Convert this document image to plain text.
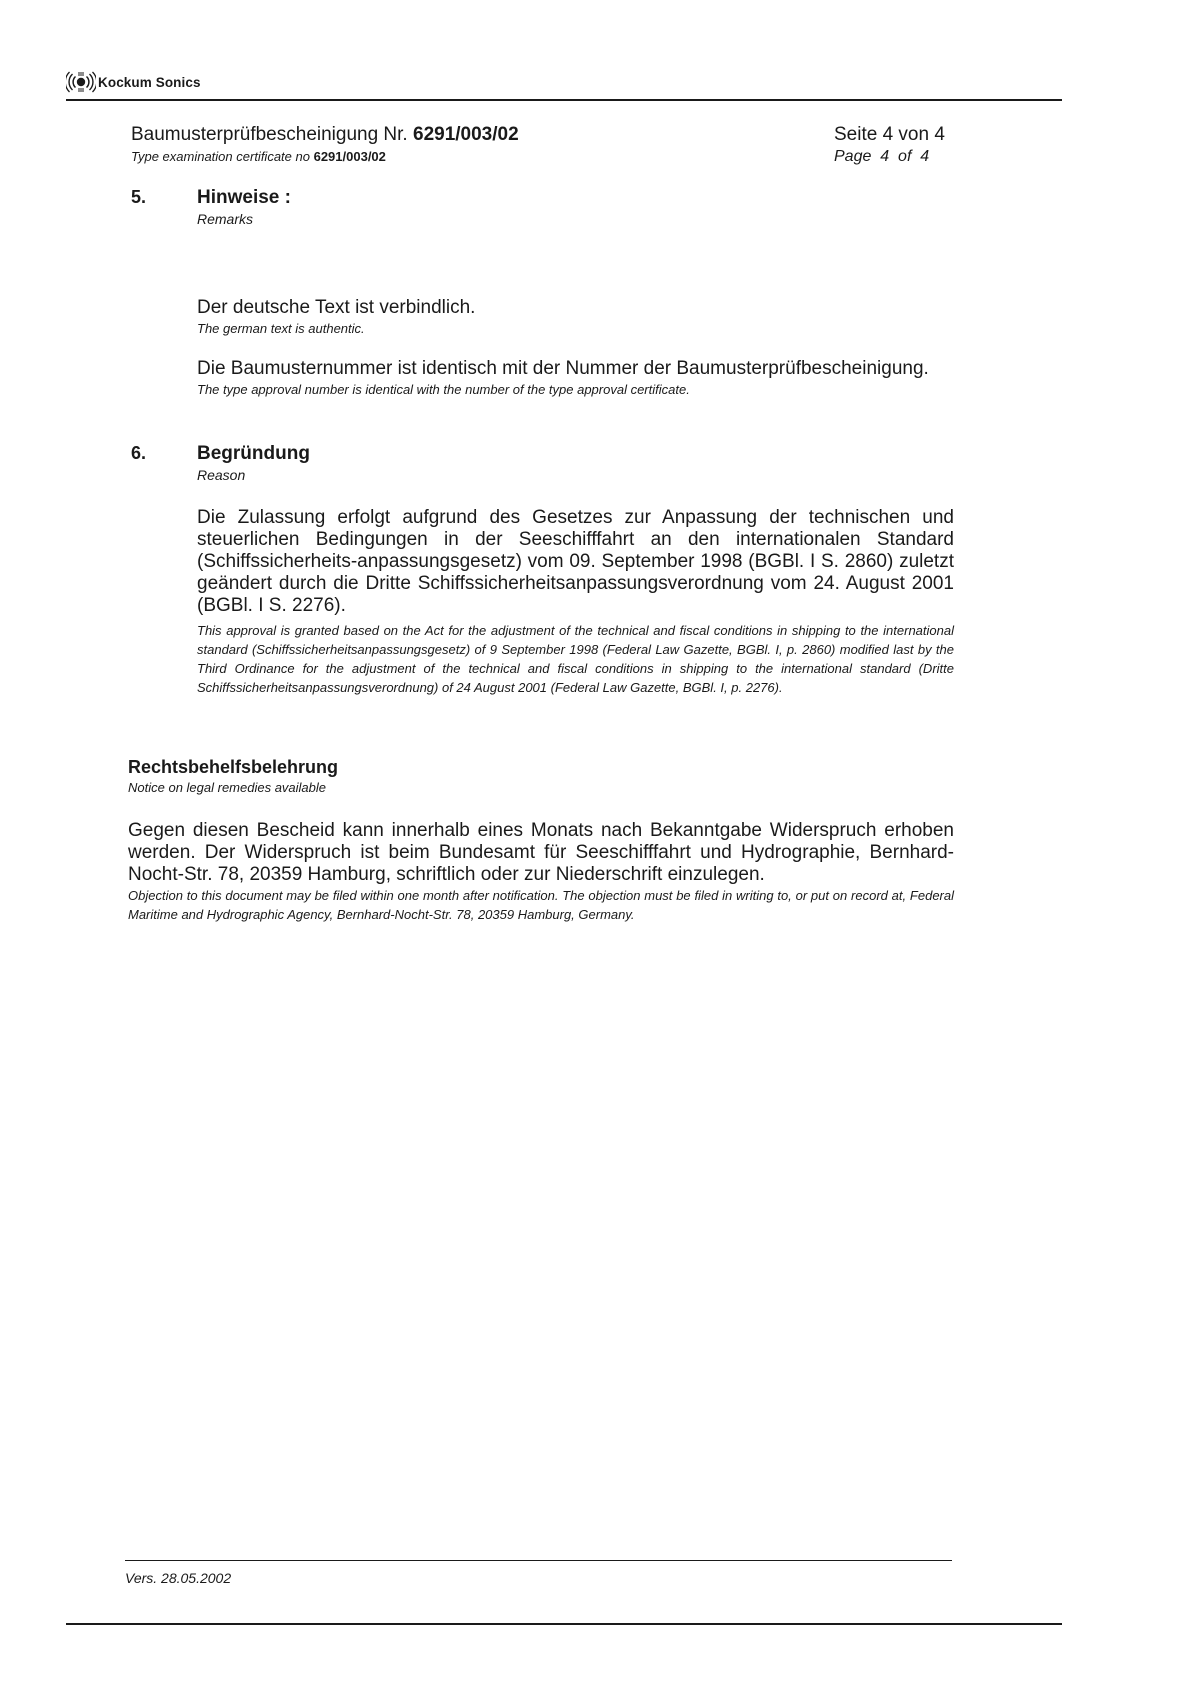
Kockum Sonics
Baumusterprüfbescheinigung Nr. 6291/003/02
Type examination certificate no 6291/003/02
Seite 4 von 4
Page  4  of  4
5.	Hinweise :
Remarks
Der deutsche Text ist verbindlich.
The german text is authentic.
Die Baumusternummer ist identisch mit der Nummer der Baumusterprüfbescheinigung.
The type approval number is identical with the number of the type approval certificate.
6.	Begründung
Reason
Die Zulassung erfolgt aufgrund des Gesetzes zur Anpassung der technischen und steuerlichen Bedingungen in der Seeschifffahrt an den internationalen Standard (Schiffssicherheits-anpassungsgesetz) vom 09. September 1998 (BGBl. I S. 2860) zuletzt geändert durch die Dritte Schiffssicherheitsanpassungsverordnung vom 24. August 2001 (BGBl. I S. 2276).
This approval is granted based on the Act for the adjustment of the technical and fiscal conditions in shipping to the international standard (Schiffssicherheitsanpassungsgesetz) of 9 September 1998 (Federal Law Gazette, BGBl. I, p. 2860) modified last by the Third Ordinance for the adjustment of the technical and fiscal conditions in shipping to the international standard (Dritte Schiffssicherheitsanpassungsverordnung) of 24 August 2001 (Federal Law Gazette, BGBl. I, p. 2276).
Rechtsbehelfsbelehrung
Notice on legal remedies available
Gegen diesen Bescheid kann innerhalb eines Monats nach Bekanntgabe Widerspruch erhoben werden. Der Widerspruch ist beim Bundesamt für Seeschifffahrt und Hydrographie, Bernhard-Nocht-Str. 78, 20359 Hamburg, schriftlich oder zur Niederschrift einzulegen.
Objection to this document may be filed within one month after notification. The objection must be filed in writing to, or put on record at, Federal Maritime and Hydrographic Agency, Bernhard-Nocht-Str. 78, 20359 Hamburg, Germany.
Vers. 28.05.2002
